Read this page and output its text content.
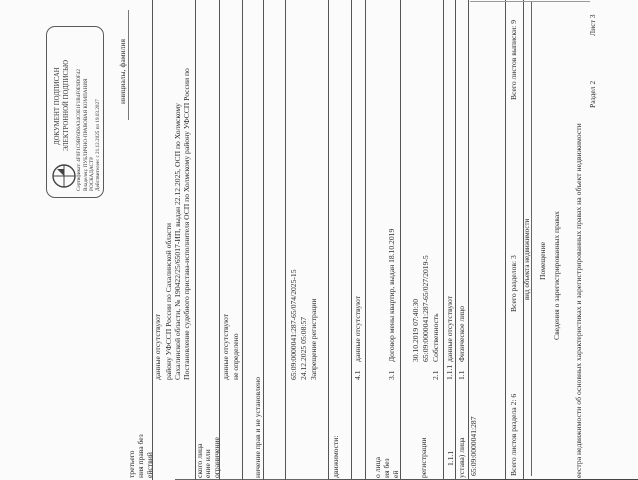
Раздел 2
Лист 3
еестра недвижимости об основных характеристиках и зарегистрированных правах на объект недвижимости
Сведения о зарегистрированных правах
Помещение
вид объекта недвижимости
Всего листов раздела 2: 6
Всего разделов: 3
Всего листов выписки: 9
65:09:0000041:287
устава) лица
регистрации
ей
ия без
о лица
движимости:
ничение прав и не установлено
ограничение
ение или
ского лица
ействий
ния права без
третьего	1.1.1
1.1
Физическое лицо
1.1.1
данные отсутствуют
2.1
Собственность
65:09:0000041:287-65/027/2019-5
30.10.2019 07:40:30
3.1
Договор мены квартир, выдан 18.10.2019
4.1
данные отсутствуют
Запрещение регистрации
24.12.2025 05:08:57
65:09:0000041:287-65/074/2025-15
не определено
данные отсутствуют
Постановление судебного пристава-исполнителя ОСП по Холмскому району УФССП России по
Сахалинской области, № 190422/25/65017-ИП, выдан 22.12.2025, ОСП по Холмскому
району УФССП России по Сахалинской области
данные отсутствуют
ДОКУМЕНТ ПОДПИСАН ЭЛЕКТРОННОЙ ПОДПИСЬЮ Сертификат: 4F0F1C9BF6D6A34C0E1F1B4F0E9D0F42 Владелец: ПУБЛИЧНО-ПРАВОВАЯ КОМПАНИЯ РОСКАДАСТР Действителен: с 21.12.2025 по 19.03.2027
инициалы, фамилия
